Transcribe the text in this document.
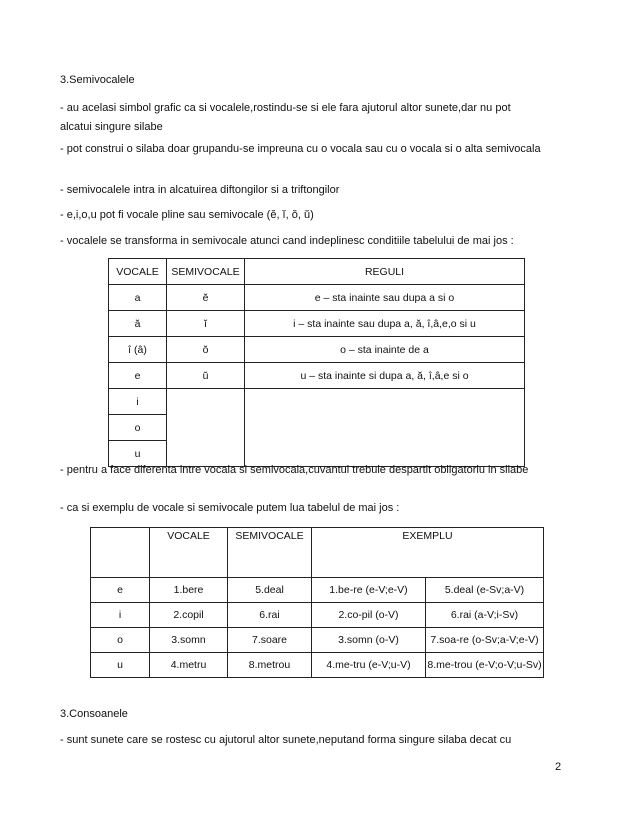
3.Semivocalele

- au acelasi simbol grafic ca si vocalele,rostindu-se si ele fara ajutorul altor sunete,dar nu pot alcatui singure silabe

- pot construi o silaba doar grupandu-se impreuna cu o vocala sau cu o vocala si o alta semivocala

- semivocalele intra in alcatuirea diftongilor si a triftongilor

- e,i,o,u pot fi vocale pline sau semivocale (ĕ, ĭ, ŏ, ŭ)

- vocalele se transforma in semivocale atunci cand indeplinesc conditiile tabelului de mai jos :

VOCALE	SEMIVOCALE	REGULI
a	ĕ	e – sta inainte sau dupa a si o
ă	ĭ	i – sta inainte sau dupa a, ă, î,â,e,o si u
î (â)	ŏ	o – sta inainte de a
e	ŭ	u – sta inainte si dupa a, ă, î,â,e si o
i		
o		
u		

- pentru a face diferenta intre vocala si semivocala,cuvantul trebuie despartit obligatoriu in silabe

- ca si exemplu de vocale si semivocale putem lua tabelul de mai jos :

	VOCALE	SEMIVOCALE	EXEMPLU	
e	1.bere	5.deal	1.be-re (e-V;e-V)	5.deal (e-Sv;a-V)
i	2.copil	6.rai	2.co-pil (o-V)	6.rai (a-V;i-Sv)
o	3.somn	7.soare	3.somn (o-V)	7.soa-re (o-Sv;a-V;e-V)
u	4.metru	8.metrou	4.me-tru (e-V;u-V)	8.me-trou (e-V;o-V;u-Sv)

3.Consoanele

- sunt sunete care se rostesc cu ajutorul altor sunete,neputand forma singure silaba decat cu

2
